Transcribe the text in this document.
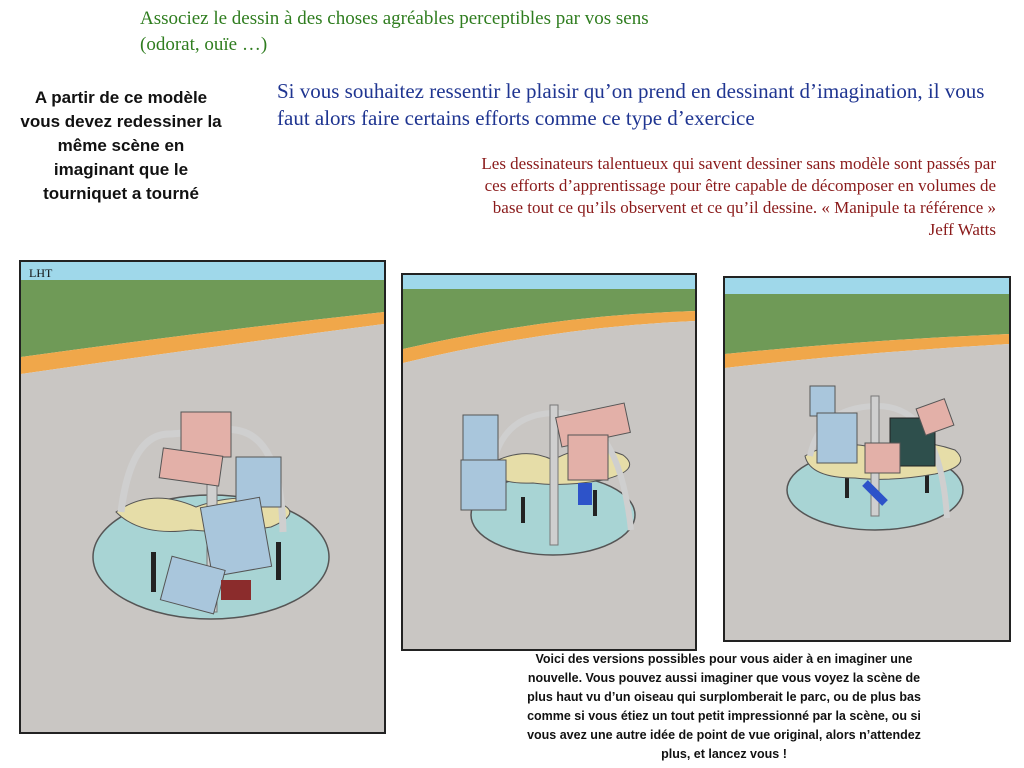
Associez le dessin à des choses agréables perceptibles par vos sens (odorat, ouïe …)

A partir de ce modèle vous devez redessiner la même scène en imaginant que le tourniquet a tourné

Si vous souhaitez ressentir le plaisir qu’on prend en dessinant d’imagination, il vous faut alors faire certains efforts comme ce type d’exercice

Les dessinateurs talentueux qui savent dessiner sans modèle sont passés par
ces efforts d’apprentissage pour être capable de décomposer en volumes de
base tout ce qu’ils observent et ce qu’il dessine. « Manipule ta référence »
Jeff Watts

Voici des versions possibles pour vous aider à en imaginer une nouvelle. Vous pouvez aussi imaginer que vous voyez la scène de plus haut vu d’un oiseau qui surplomberait le parc, ou de plus bas comme si vous étiez un tout petit impressionné par la scène, ou si vous avez une autre idée de point de vue original, alors n’attendez plus, et lancez vous !

LHT
